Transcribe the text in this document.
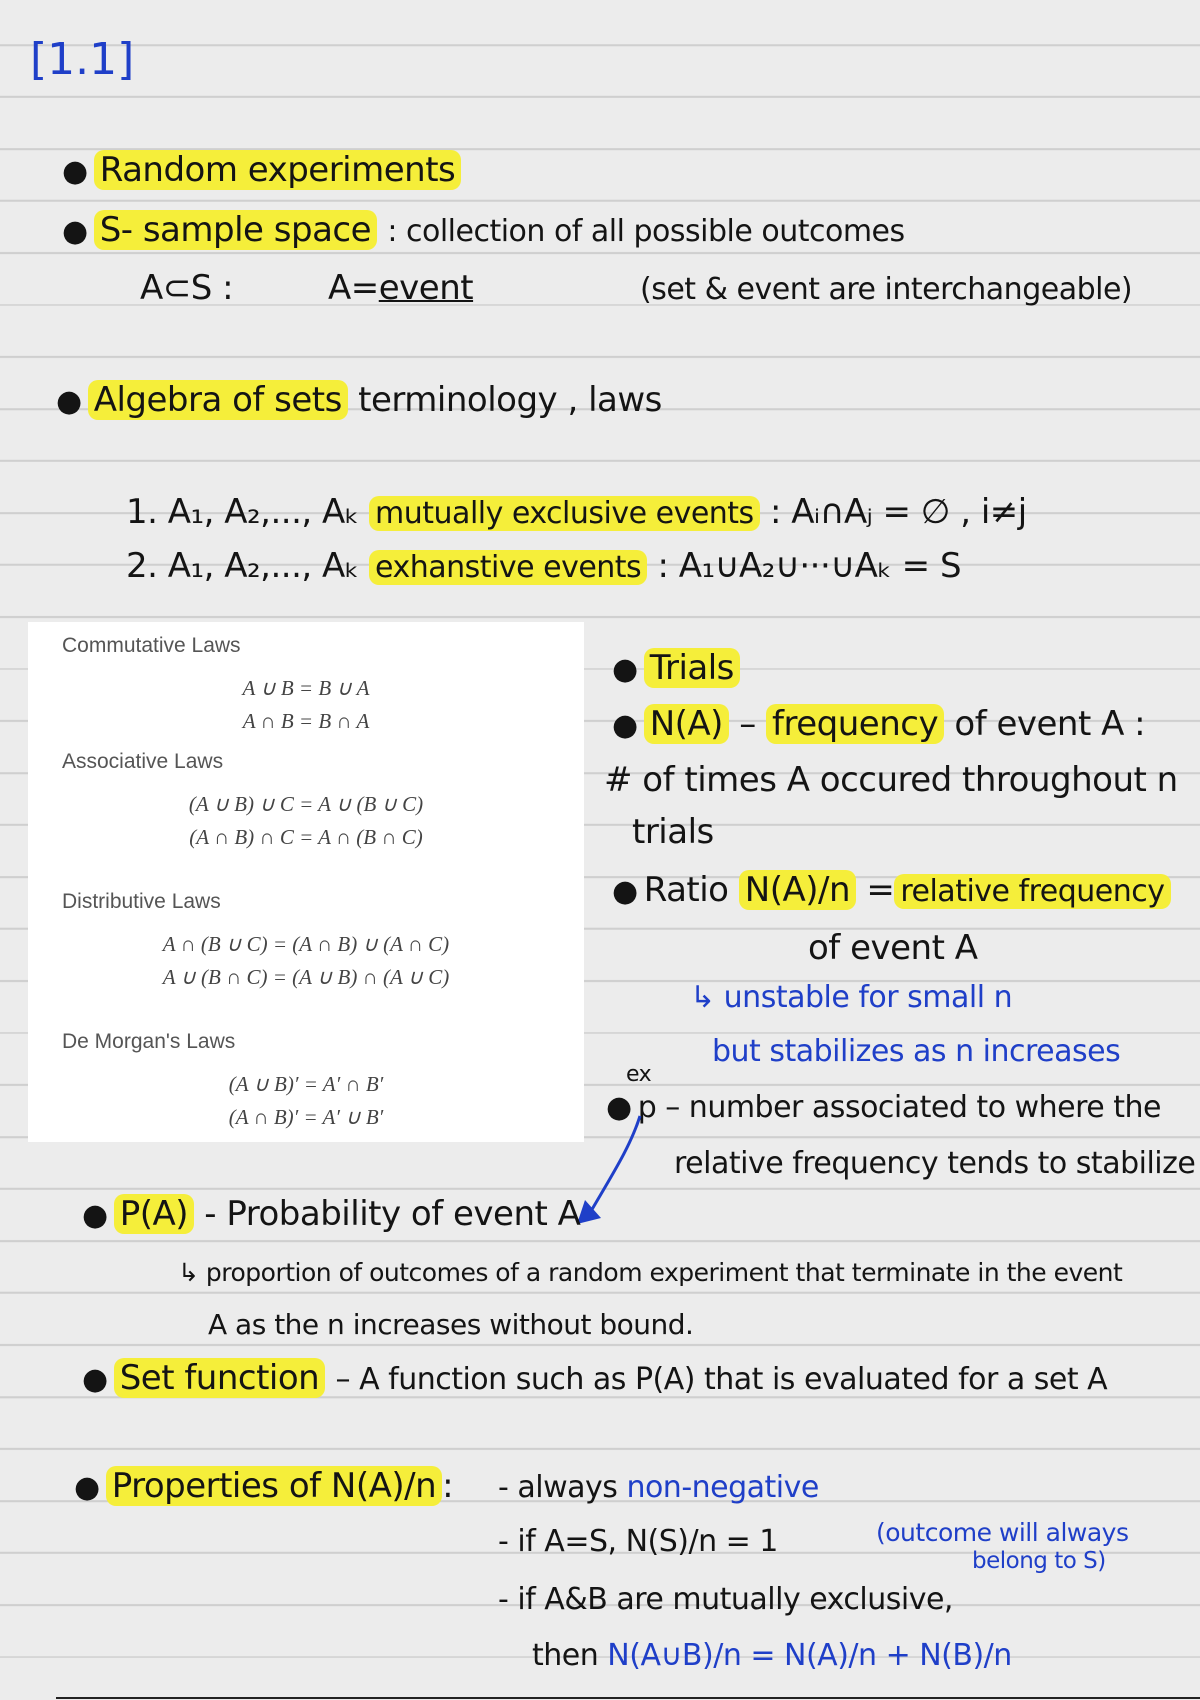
[1.1]
● Random experiments
● S- sample space : collection of all possible outcomes
A⊂S :	A=event	(set & event are interchangeable)
● Algebra of sets terminology , laws
1. A₁, A₂,..., Aₖ mutually exclusive events : Aᵢ∩Aⱼ = ∅ , i≠j
2. A₁, A₂,..., Aₖ exhanstive events : A₁∪A₂∪···∪Aₖ = S
Commutative Laws
A ∪ B = B ∪ A
A ∩ B = B ∩ A
Associative Laws
(A ∪ B) ∪ C = A ∪ (B ∪ C)
(A ∩ B) ∩ C = A ∩ (B ∩ C)
Distributive Laws
A ∩ (B ∪ C) = (A ∩ B) ∪ (A ∩ C)
A ∪ (B ∩ C) = (A ∪ B) ∩ (A ∪ C)
De Morgan's Laws
(A ∪ B)′ = A′ ∩ B′
(A ∩ B)′ = A′ ∪ B′
● Trials
● N(A) – frequency of event A :
# of times A occured throughout n
trials
● Ratio N(A)/n = relative frequency
of event A
↳ unstable for small n
but stabilizes as n increases
ex
● p – number associated to where the
relative frequency tends to stabilize
● P(A) - Probability of event A
↳ proportion of outcomes of a random experiment that terminate in the event
A as the n increases without bound.
● Set function – A function such as P(A) that is evaluated for a set A
● Properties of N(A)/n : - always non-negative
- if A=S, N(S)/n = 1	(outcome will always
belong to S)
- if A&B are mutually exclusive,
then N(A∪B)/n = N(A)/n + N(B)/n
